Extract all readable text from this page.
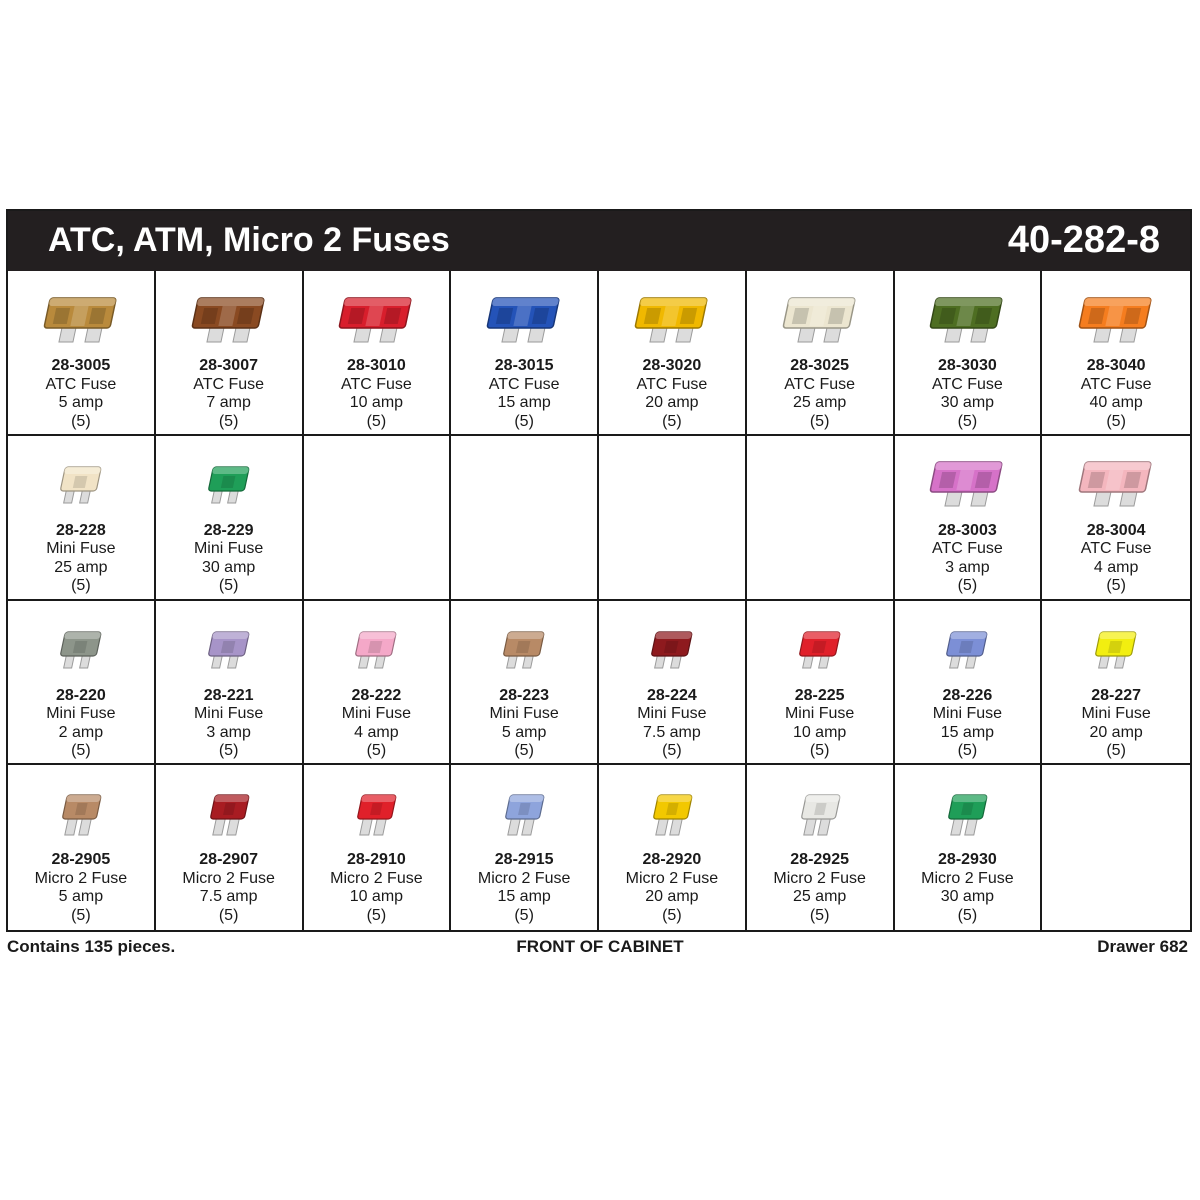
ATC, ATM, Micro 2 Fuses	40-282-8
28-3005
ATC Fuse
5 amp
(5)
28-3007
ATC Fuse
7 amp
(5)
28-3010
ATC Fuse
10 amp
(5)
28-3015
ATC Fuse
15 amp
(5)
28-3020
ATC Fuse
20 amp
(5)
28-3025
ATC Fuse
25 amp
(5)
28-3030
ATC Fuse
30 amp
(5)
28-3040
ATC Fuse
40 amp
(5)
28-228
Mini Fuse
25 amp
(5)
28-229
Mini Fuse
30 amp
(5)
28-3003
ATC Fuse
3 amp
(5)
28-3004
ATC Fuse
4 amp
(5)
28-220
Mini Fuse
2 amp
(5)
28-221
Mini Fuse
3 amp
(5)
28-222
Mini Fuse
4 amp
(5)
28-223
Mini Fuse
5 amp
(5)
28-224
Mini Fuse
7.5 amp
(5)
28-225
Mini Fuse
10 amp
(5)
28-226
Mini Fuse
15 amp
(5)
28-227
Mini Fuse
20 amp
(5)
28-2905
Micro 2 Fuse
5 amp
(5)
28-2907
Micro 2 Fuse
7.5 amp
(5)
28-2910
Micro 2 Fuse
10 amp
(5)
28-2915
Micro 2 Fuse
15 amp
(5)
28-2920
Micro 2 Fuse
20 amp
(5)
28-2925
Micro 2 Fuse
25 amp
(5)
28-2930
Micro 2 Fuse
30 amp
(5)
Contains 135 pieces.	FRONT OF CABINET	Drawer 682
